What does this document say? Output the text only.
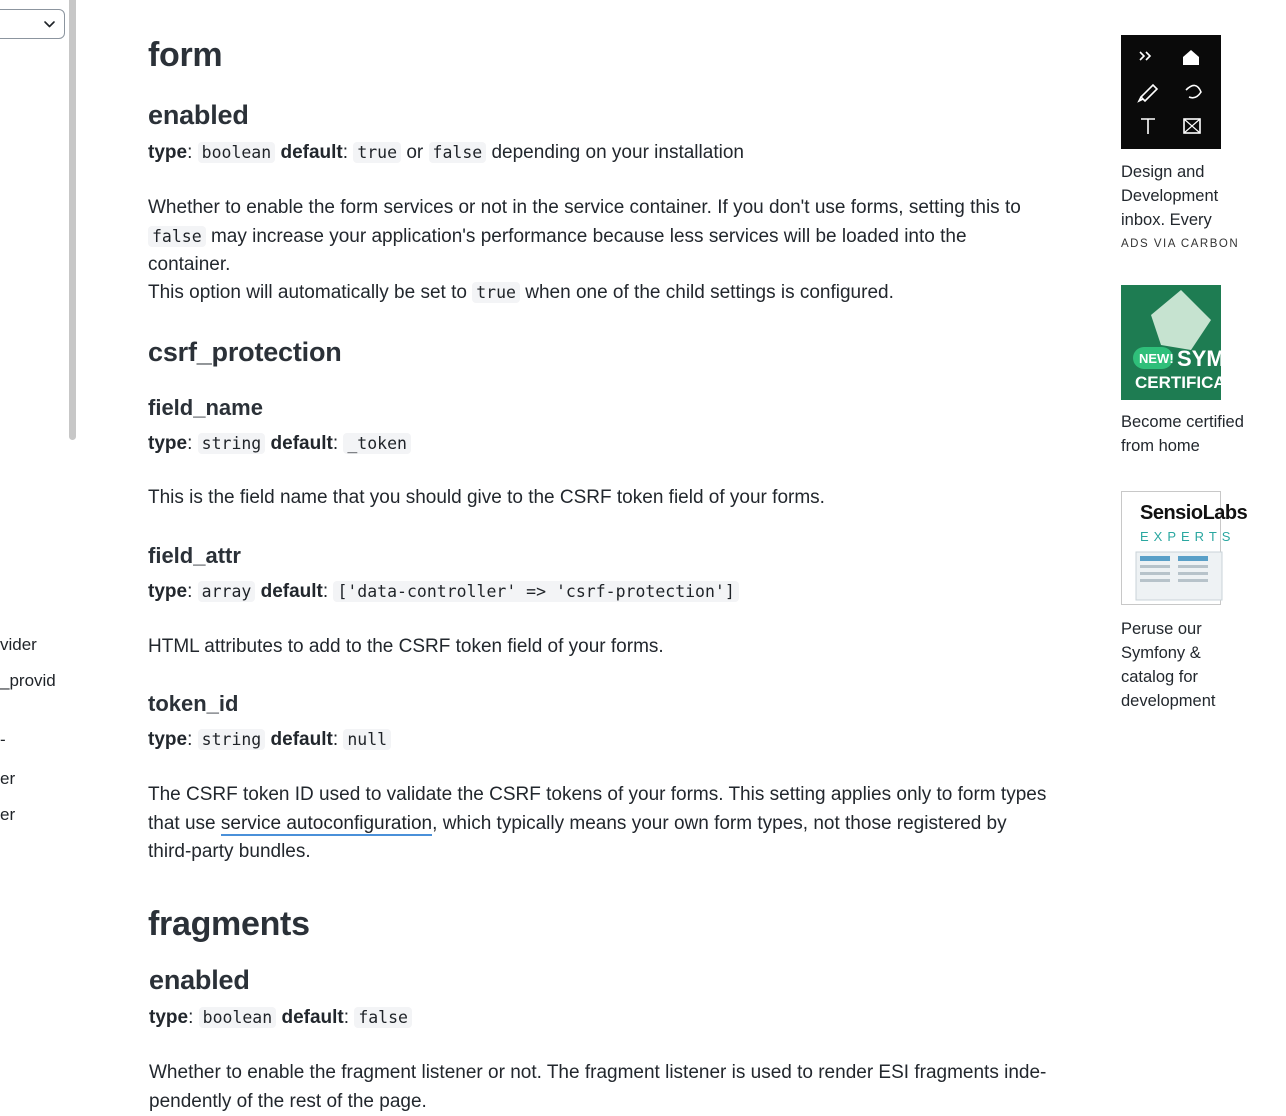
vider
_provid
-
er
er
form
enabled
type: boolean default: true or false depending on your installation

Whether to enable the form services or not in the service container. If you don't use forms, setting this to false may increase your application's performance because less services will be loaded into the container.

This option will automatically be set to true when one of the child settings is configured.

csrf_protection
field_name
type: string default: _token

This is the field name that you should give to the CSRF token field of your forms.

field_attr
type: array default: ['data-controller' => 'csrf-protection']

HTML attributes to add to the CSRF token field of your forms.

token_id
type: string default: null

The CSRF token ID used to validate the CSRF tokens of your forms. This setting applies only to form types that use service autoconfiguration, which typically means your own form types, not those registered by third-party bundles.

fragments
enabled
type: boolean default: false

Whether to enable the fragment listener or not. The fragment listener is used to render ESI fragments inde-pendently of the rest of the page.

Design and
Development
inbox. Every
ADS VIA CARBON
NEW! SYMFONY
CERTIFICATION
Become certified
from home
SensioLabs
EXPERTS
Peruse our
Symfony &
catalog for
development
